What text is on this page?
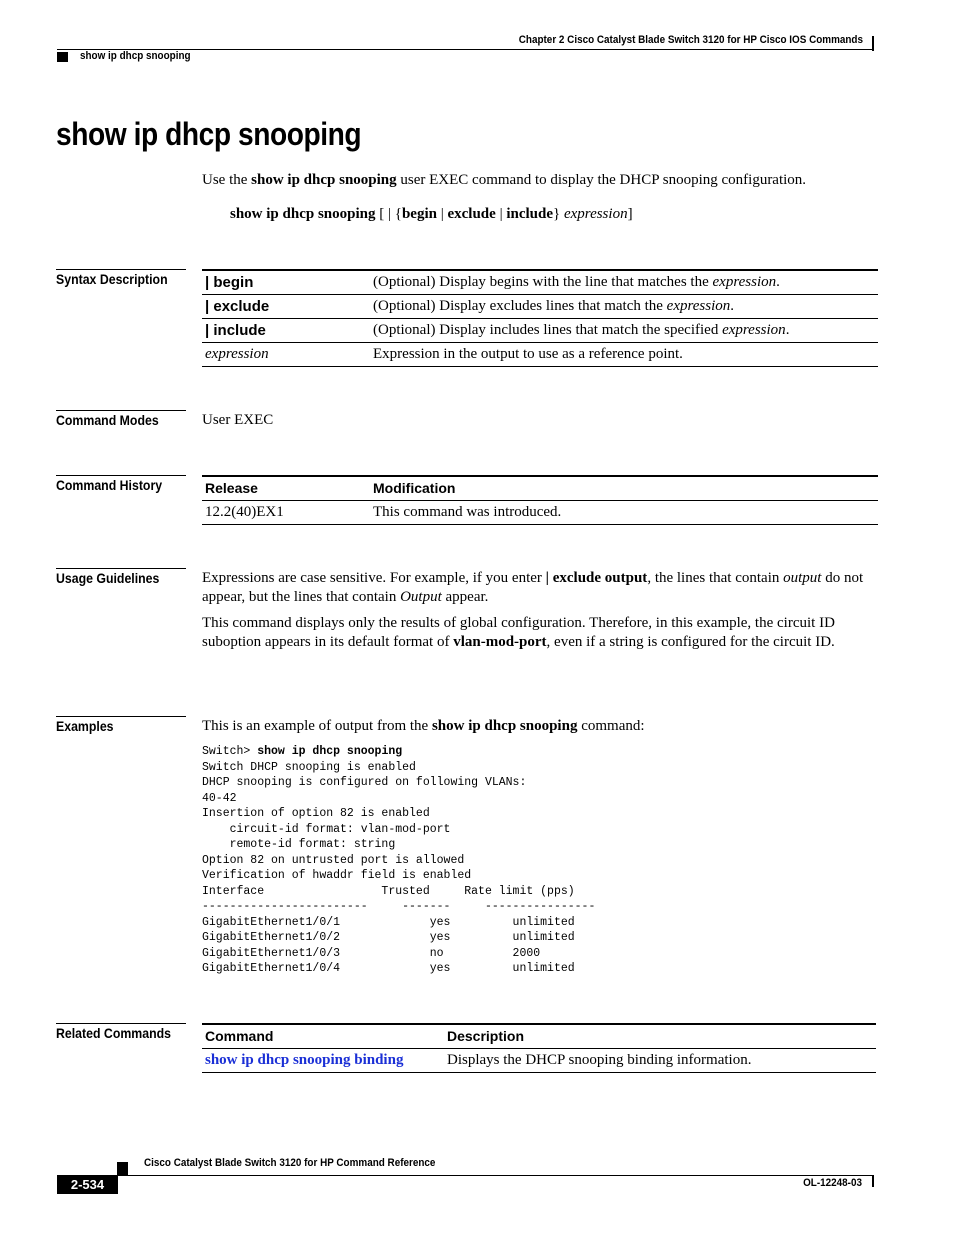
Chapter 2 Cisco Catalyst Blade Switch 3120 for HP Cisco IOS Commands
show ip dhcp snooping
show ip dhcp snooping
Use the show ip dhcp snooping user EXEC command to display the DHCP snooping configuration.
show ip dhcp snooping [ | {begin | exclude | include} expression]
Syntax Description	| begin	(Optional) Display begins with the line that matches the expression.
| exclude	(Optional) Display excludes lines that match the expression.
| include	(Optional) Display includes lines that match the specified expression.
expression	Expression in the output to use as a reference point.
Command Modes	User EXEC
Command History	Release	Modification
12.2(40)EX1	This command was introduced.
Usage Guidelines	Expressions are case sensitive. For example, if you enter | exclude output, the lines that contain output do not appear, but the lines that contain Output appear.
This command displays only the results of global configuration. Therefore, in this example, the circuit ID suboption appears in its default format of vlan-mod-port, even if a string is configured for the circuit ID.
Examples	This is an example of output from the show ip dhcp snooping command:
Switch> show ip dhcp snooping
Switch DHCP snooping is enabled
DHCP snooping is configured on following VLANs:
40-42
Insertion of option 82 is enabled
circuit-id format: vlan-mod-port
remote-id format: string
Option 82 on untrusted port is allowed
Verification of hwaddr field is enabled
Interface                 Trusted     Rate limit (pps)
------------------------     -------     ----------------
GigabitEthernet1/0/1             yes         unlimited
GigabitEthernet1/0/2             yes         unlimited
GigabitEthernet1/0/3             no          2000
GigabitEthernet1/0/4             yes         unlimited
Related Commands	Command	Description
show ip dhcp snooping binding	Displays the DHCP snooping binding information.
Cisco Catalyst Blade Switch 3120 for HP Command Reference
2-534	OL-12248-03
